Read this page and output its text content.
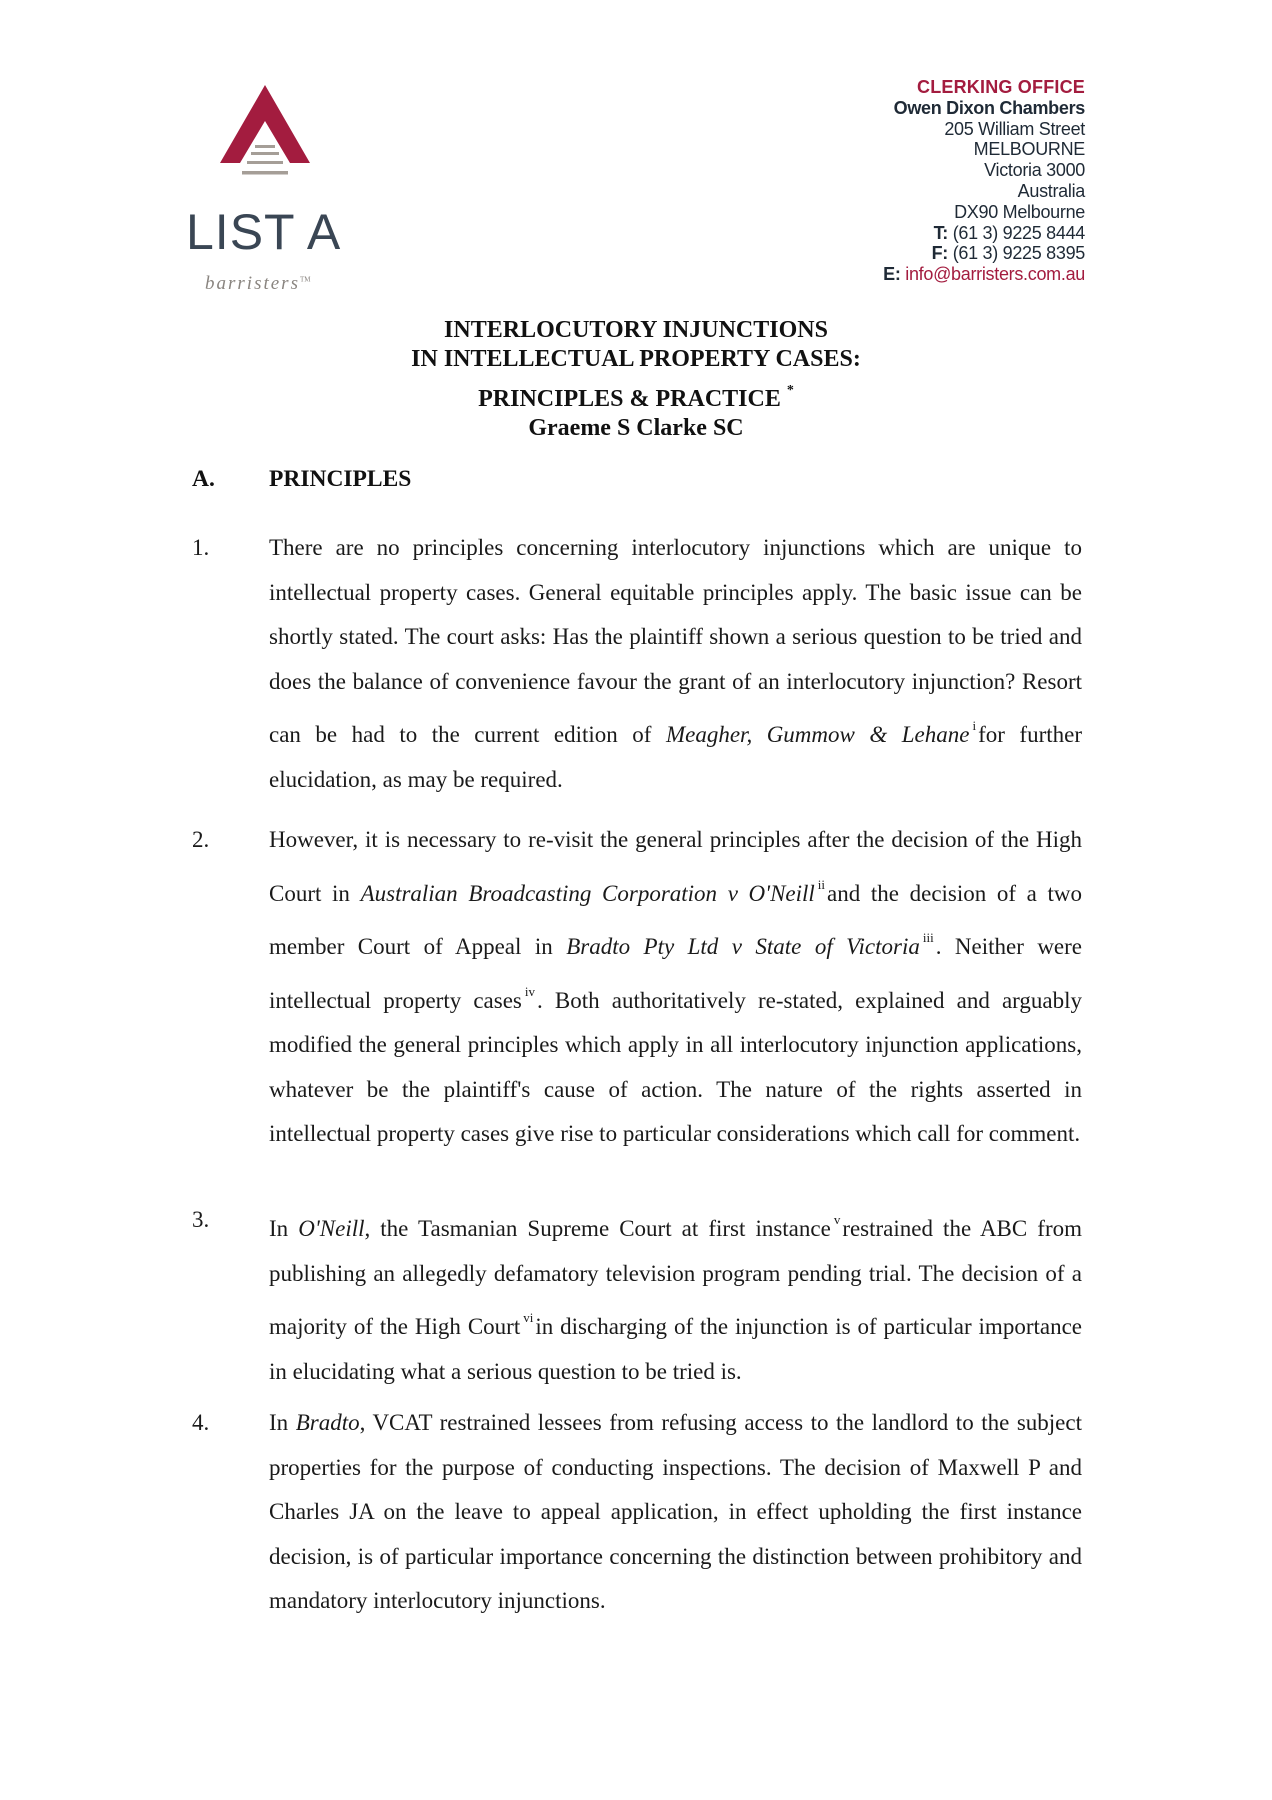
LIST A
barristers™
CLERKING OFFICE
Owen Dixon Chambers
205 William Street
MELBOURNE
Victoria 3000
Australia
DX90 Melbourne
T: (61 3) 9225 8444
F: (61 3) 9225 8395
E: info@barristers.com.au
INTERLOCUTORY INJUNCTIONS
IN INTELLECTUAL PROPERTY CASES:
PRINCIPLES & PRACTICE *
Graeme S Clarke SC
A. PRINCIPLES
1.	There are no principles concerning interlocutory injunctions which are unique to intellectual property cases. General equitable principles apply. The basic issue can be shortly stated. The court asks: Has the plaintiff shown a serious question to be tried and does the balance of convenience favour the grant of an interlocutory injunction? Resort can be had to the current edition of Meagher, Gummow & Lehane $^i$for further elucidation, as may be required.
2.	However, it is necessary to re-visit the general principles after the decision of the High Court in Australian Broadcasting Corporation v O'Neill $^{ii}$and the decision of a two member Court of Appeal in Bradto Pty Ltd v State of Victoria $^{iii}$. Neither were intellectual property cases $^{iv}$. Both authoritatively re-stated, explained and arguably modified the general principles which apply in all interlocutory injunction applications, whatever be the plaintiff's cause of action. The nature of the rights asserted in intellectual property cases give rise to particular considerations which call for comment.
3.	In O'Neill, the Tasmanian Supreme Court at first instance $^v$restrained the ABC from publishing an allegedly defamatory television program pending trial. The decision of a majority of the High Court $^{vi}$in discharging of the injunction is of particular importance in elucidating what a serious question to be tried is.
4.	In Bradto, VCAT restrained lessees from refusing access to the landlord to the subject properties for the purpose of conducting inspections. The decision of Maxwell P and Charles JA on the leave to appeal application, in effect upholding the first instance decision, is of particular importance concerning the distinction between prohibitory and mandatory interlocutory injunctions.
